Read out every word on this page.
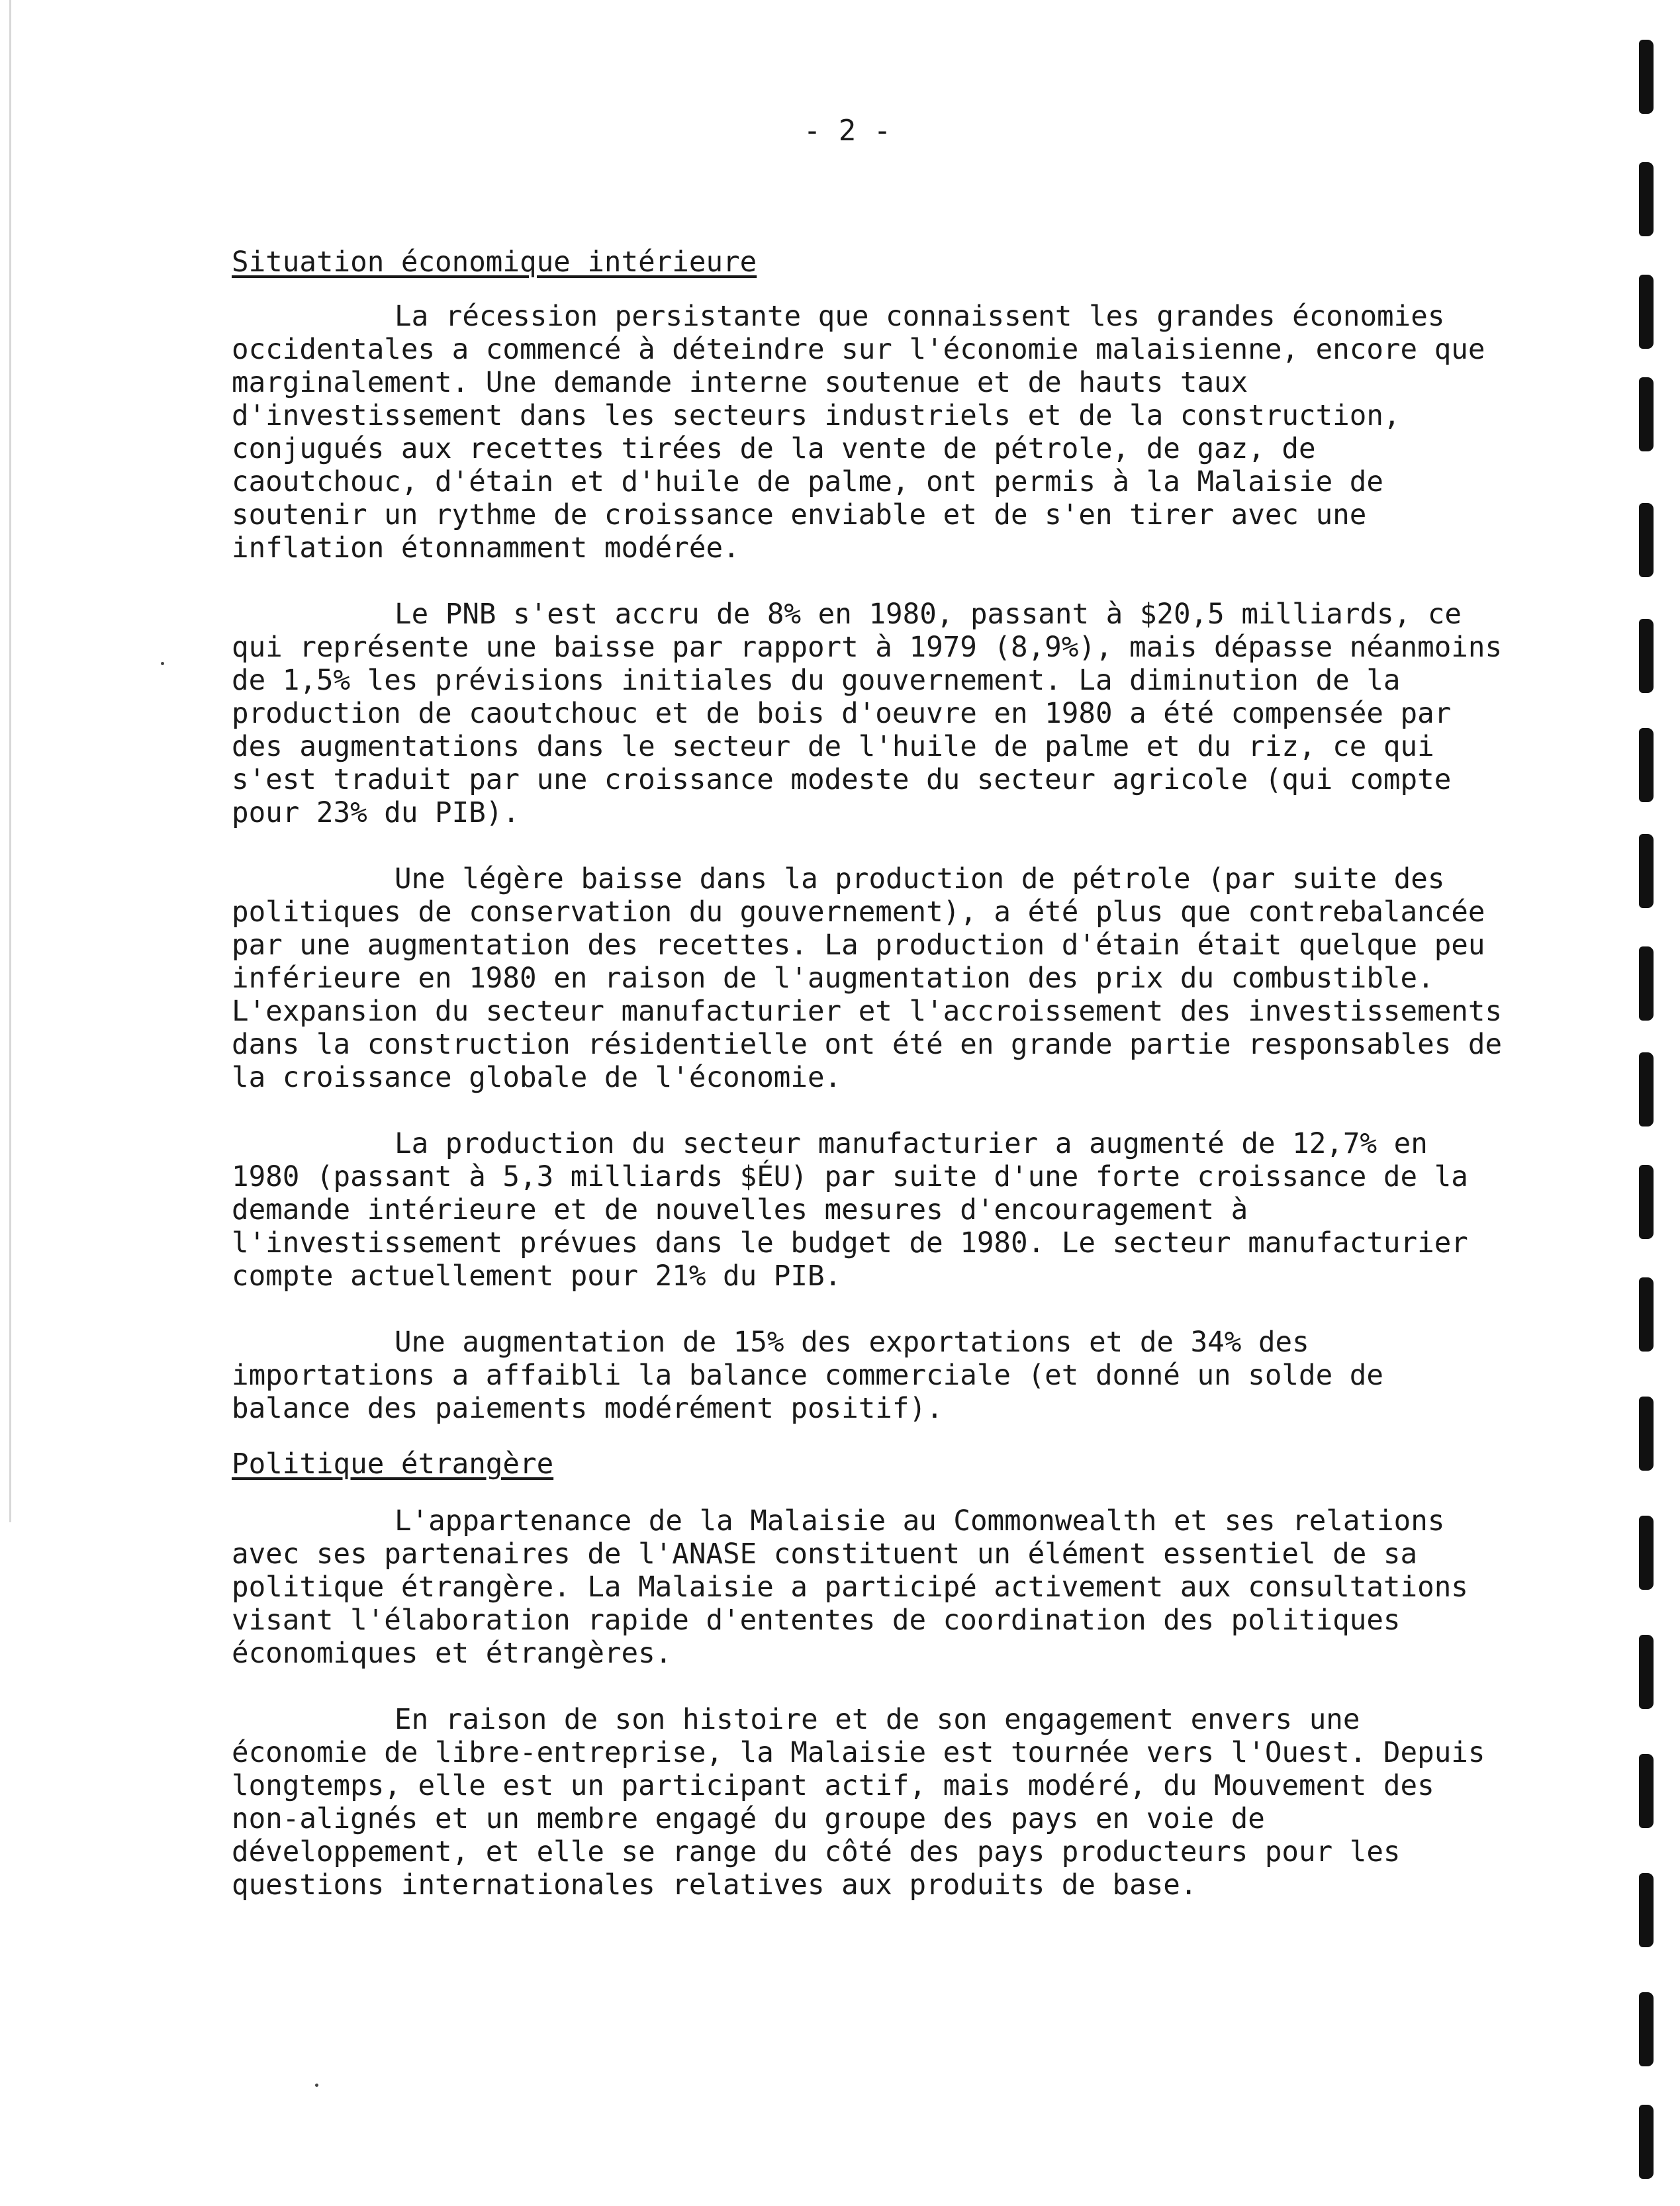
- 2 -
Situation économique intérieure

La récession persistante que connaissent les grandes économies occidentales a commencé à déteindre sur l'économie malaisienne, encore que marginalement. Une demande interne soutenue et de hauts taux d'investissement dans les secteurs industriels et de la construction, conjugués aux recettes tirées de la vente de pétrole, de gaz, de caoutchouc, d'étain et d'huile de palme, ont permis à la Malaisie de soutenir un rythme de croissance enviable et de s'en tirer avec une inflation étonnamment modérée.

Le PNB s'est accru de 8% en 1980, passant à $20,5 milliards, ce qui représente une baisse par rapport à 1979 (8,9%), mais dépasse néanmoins de 1,5% les prévisions initiales du gouvernement. La diminution de la production de caoutchouc et de bois d'oeuvre en 1980 a été compensée par des augmentations dans le secteur de l'huile de palme et du riz, ce qui s'est traduit par une croissance modeste du secteur agricole (qui compte pour 23% du PIB).

Une légère baisse dans la production de pétrole (par suite des politiques de conservation du gouvernement), a été plus que contrebalancée par une augmentation des recettes. La production d'étain était quelque peu inférieure en 1980 en raison de l'augmentation des prix du combustible. L'expansion du secteur manufacturier et l'accroissement des investissements dans la construction résidentielle ont été en grande partie responsables de la croissance globale de l'économie.

La production du secteur manufacturier a augmenté de 12,7% en 1980 (passant à 5,3 milliards $ÉU) par suite d'une forte croissance de la demande intérieure et de nouvelles mesures d'encouragement à l'investissement prévues dans le budget de 1980. Le secteur manufacturier compte actuellement pour 21% du PIB.

Une augmentation de 15% des exportations et de 34% des importations a affaibli la balance commerciale (et donné un solde de balance des paiements modérément positif).

Politique étrangère

L'appartenance de la Malaisie au Commonwealth et ses relations avec ses partenaires de l'ANASE constituent un élément essentiel de sa politique étrangère. La Malaisie a participé activement aux consultations visant l'élaboration rapide d'ententes de coordination des politiques économiques et étrangères.

En raison de son histoire et de son engagement envers une économie de libre-entreprise, la Malaisie est tournée vers l'Ouest. Depuis longtemps, elle est un participant actif, mais modéré, du Mouvement des non-alignés et un membre engagé du groupe des pays en voie de développement, et elle se range du côté des pays producteurs pour les questions internationales relatives aux produits de base.
